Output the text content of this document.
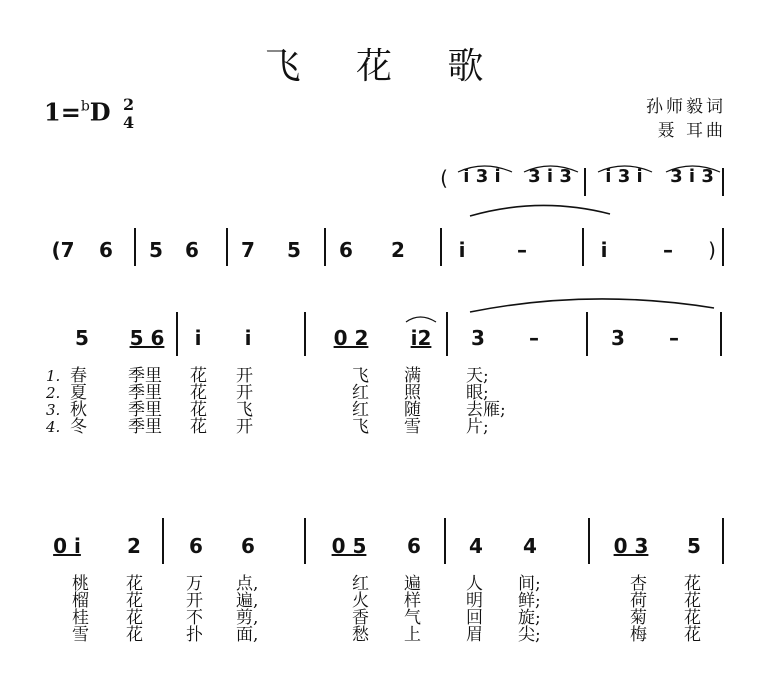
飞 花 歌
1=$^b$D 2
4
孙师毅词
聂 耳曲
( i 3 i	3 i 3	i 3 i	3 i 3
(7 6 5 6 7 5 6 2	i	–	i	–	)
5 5 6	i	i	0 2	i2	3 –	3 –
1.
2.
3.
4.
春 季里 花 开	飞 满	天;
夏 季里 花 开	红 照	眼;
秋 季里 花 飞	红 随	去雁;
冬 季里 花 开	飞 雪	片;
0 i	2 6 6	0 5 6 4 4	0 3 5
桃 花	万 点,	红 遍	人 间;	杏 花
榴 花	开 遍,	火 样	明 鲜;	荷 花
桂 花	不 剪,	香 气	回 旋;	菊 花
雪 花	扑 面,	愁 上	眉 尖;	梅 花
